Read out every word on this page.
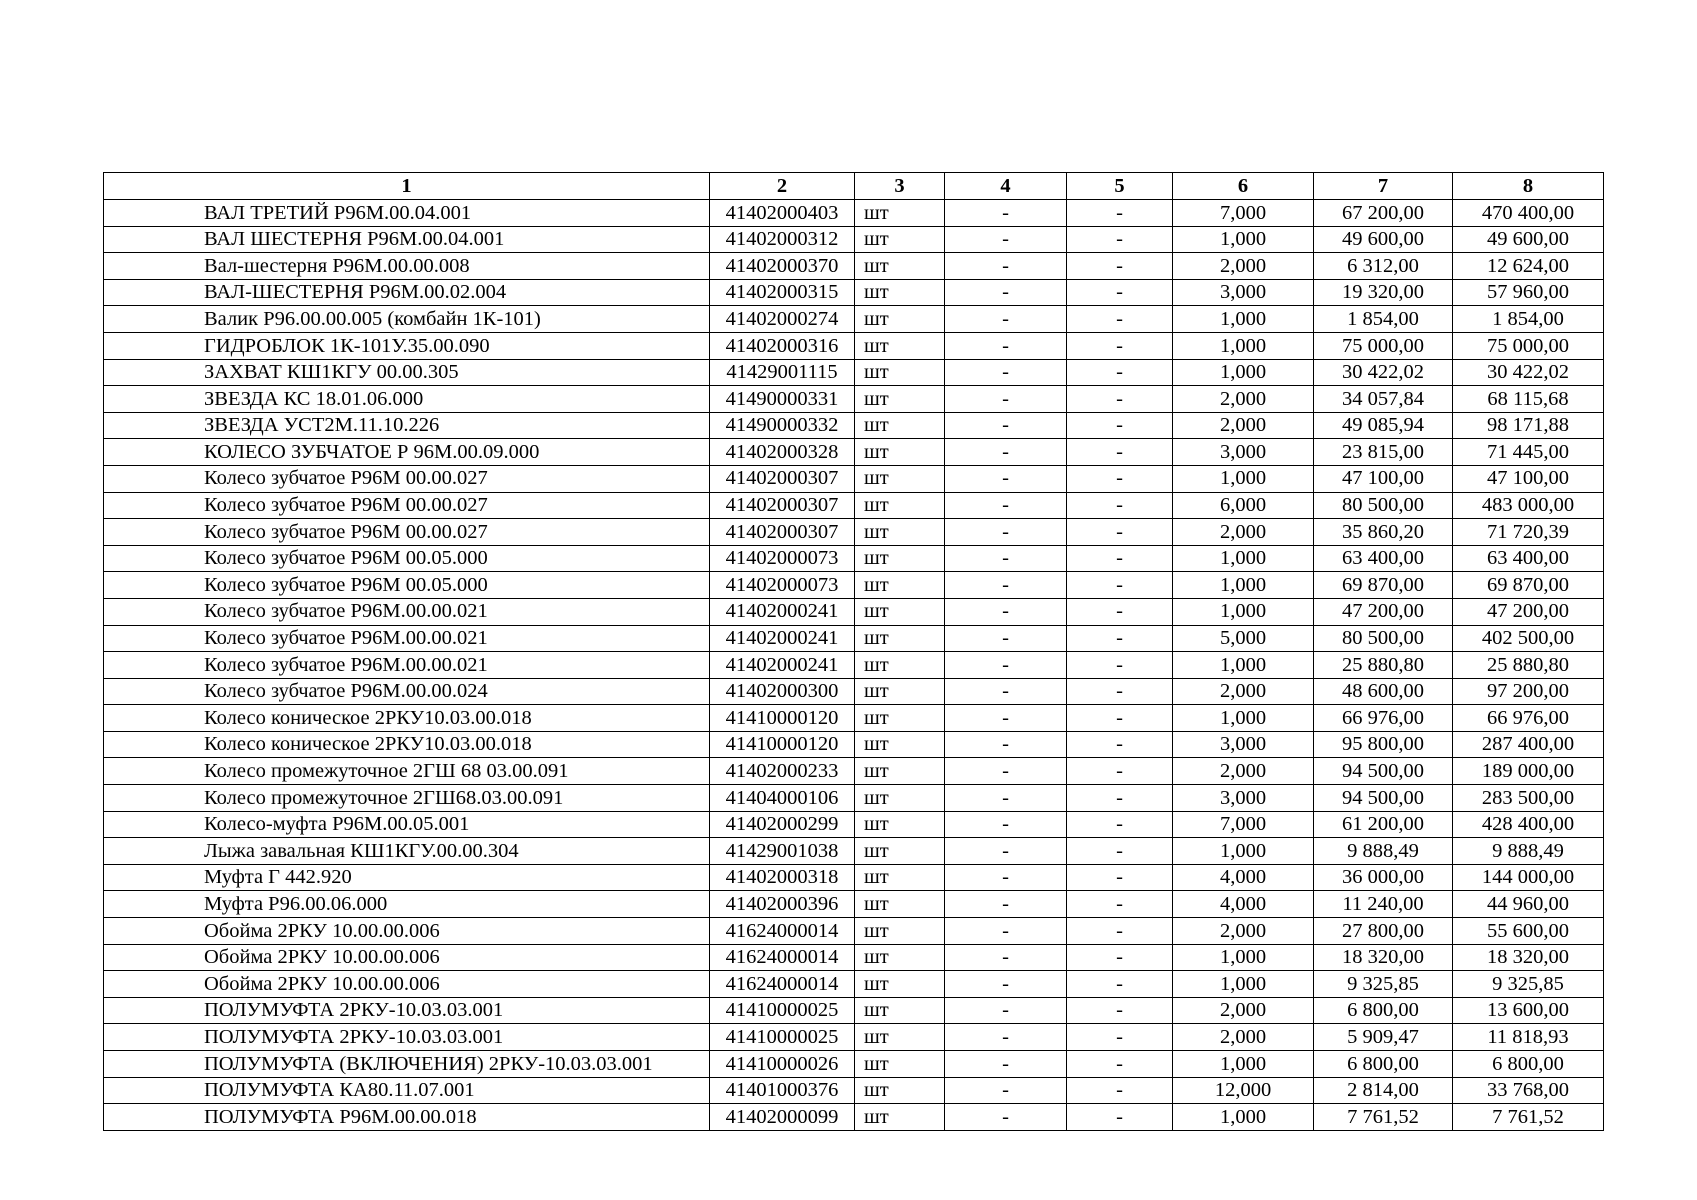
1	2	3	4	5	6	7	8
ВАЛ ТРЕТИЙ Р96М.00.04.001	41402000403	шт	-	-	7,000	67 200,00	470 400,00
ВАЛ ШЕСТЕРНЯ Р96М.00.04.001	41402000312	шт	-	-	1,000	49 600,00	49 600,00
Вал-шестерня Р96М.00.00.008	41402000370	шт	-	-	2,000	6 312,00	12 624,00
ВАЛ-ШЕСТЕРНЯ Р96М.00.02.004	41402000315	шт	-	-	3,000	19 320,00	57 960,00
Валик Р96.00.00.005 (комбайн 1К-101)	41402000274	шт	-	-	1,000	1 854,00	1 854,00
ГИДРОБЛОК 1К-101У.35.00.090	41402000316	шт	-	-	1,000	75 000,00	75 000,00
ЗАХВАТ КШ1КГУ 00.00.305	41429001115	шт	-	-	1,000	30 422,02	30 422,02
ЗВЕЗДА КС 18.01.06.000	41490000331	шт	-	-	2,000	34 057,84	68 115,68
ЗВЕЗДА УСТ2М.11.10.226	41490000332	шт	-	-	2,000	49 085,94	98 171,88
КОЛЕСО ЗУБЧАТОЕ Р 96М.00.09.000	41402000328	шт	-	-	3,000	23 815,00	71 445,00
Колесо зубчатое Р96М 00.00.027	41402000307	шт	-	-	1,000	47 100,00	47 100,00
Колесо зубчатое Р96М 00.00.027	41402000307	шт	-	-	6,000	80 500,00	483 000,00
Колесо зубчатое Р96М 00.00.027	41402000307	шт	-	-	2,000	35 860,20	71 720,39
Колесо зубчатое Р96М 00.05.000	41402000073	шт	-	-	1,000	63 400,00	63 400,00
Колесо зубчатое Р96М 00.05.000	41402000073	шт	-	-	1,000	69 870,00	69 870,00
Колесо зубчатое Р96М.00.00.021	41402000241	шт	-	-	1,000	47 200,00	47 200,00
Колесо зубчатое Р96М.00.00.021	41402000241	шт	-	-	5,000	80 500,00	402 500,00
Колесо зубчатое Р96М.00.00.021	41402000241	шт	-	-	1,000	25 880,80	25 880,80
Колесо зубчатое Р96М.00.00.024	41402000300	шт	-	-	2,000	48 600,00	97 200,00
Колесо коническое 2РКУ10.03.00.018	41410000120	шт	-	-	1,000	66 976,00	66 976,00
Колесо коническое 2РКУ10.03.00.018	41410000120	шт	-	-	3,000	95 800,00	287 400,00
Колесо промежуточное 2ГШ 68 03.00.091	41402000233	шт	-	-	2,000	94 500,00	189 000,00
Колесо промежуточное 2ГШ68.03.00.091	41404000106	шт	-	-	3,000	94 500,00	283 500,00
Колесо-муфта Р96М.00.05.001	41402000299	шт	-	-	7,000	61 200,00	428 400,00
Лыжа завальная КШ1КГУ.00.00.304	41429001038	шт	-	-	1,000	9 888,49	9 888,49
Муфта Г 442.920	41402000318	шт	-	-	4,000	36 000,00	144 000,00
Муфта Р96.00.06.000	41402000396	шт	-	-	4,000	11 240,00	44 960,00
Обойма 2РКУ 10.00.00.006	41624000014	шт	-	-	2,000	27 800,00	55 600,00
Обойма 2РКУ 10.00.00.006	41624000014	шт	-	-	1,000	18 320,00	18 320,00
Обойма 2РКУ 10.00.00.006	41624000014	шт	-	-	1,000	9 325,85	9 325,85
ПОЛУМУФТА 2РКУ-10.03.03.001	41410000025	шт	-	-	2,000	6 800,00	13 600,00
ПОЛУМУФТА 2РКУ-10.03.03.001	41410000025	шт	-	-	2,000	5 909,47	11 818,93
ПОЛУМУФТА (ВКЛЮЧЕНИЯ) 2РКУ-10.03.03.001	41410000026	шт	-	-	1,000	6 800,00	6 800,00
ПОЛУМУФТА КА80.11.07.001	41401000376	шт	-	-	12,000	2 814,00	33 768,00
ПОЛУМУФТА Р96М.00.00.018	41402000099	шт	-	-	1,000	7 761,52	7 761,52
